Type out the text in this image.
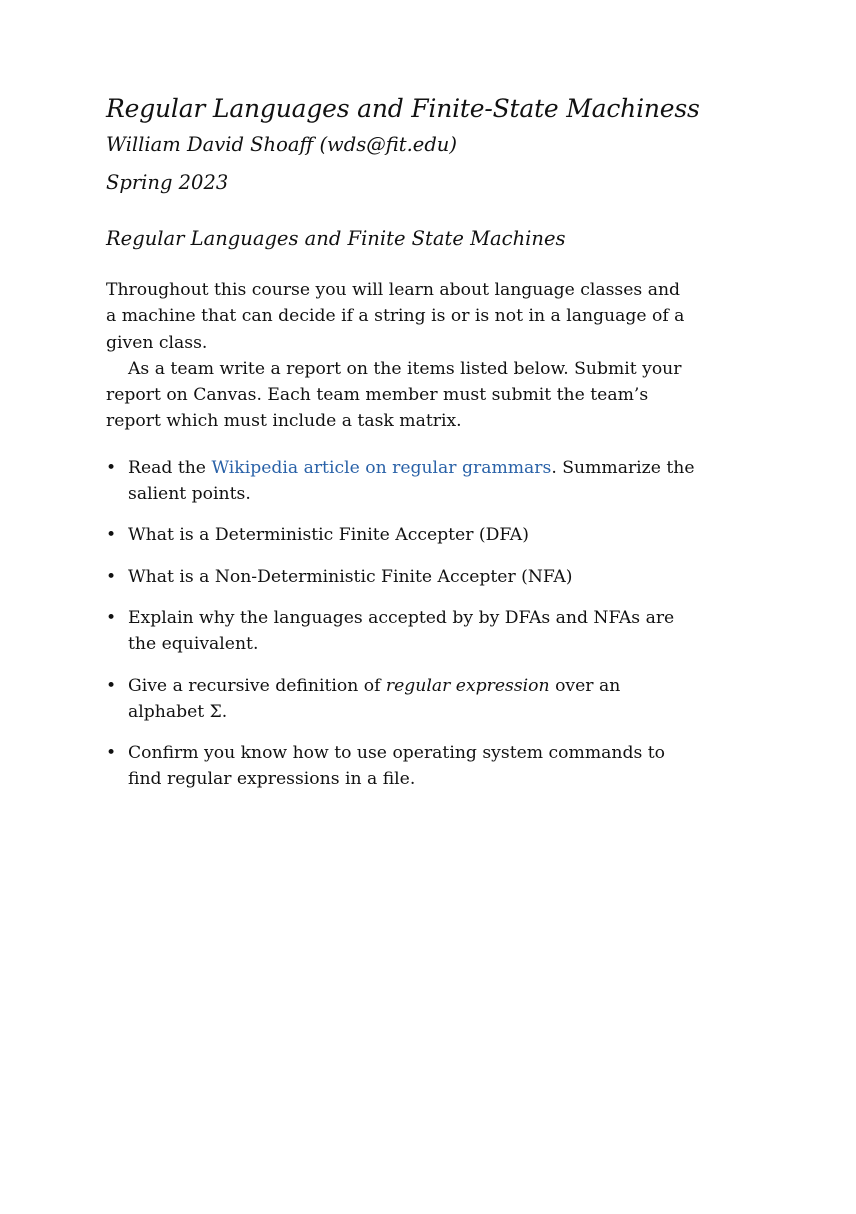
Regular Languages and Finite-State Machiness
William David Shoaff (wds@fit.edu)
Spring 2023
Regular Languages and Finite State Machines

Throughout this course you will learn about language classes and a machine that can decide if a string is or is not in a language of a given class.

As a team write a report on the items listed below. Submit your report on Canvas. Each team member must submit the team’s report which must include a task matrix.

• Read the Wikipedia article on regular grammars. Summarize the salient points.
• What is a Deterministic Finite Accepter (DFA)
• What is a Non-Deterministic Finite Accepter (NFA)
• Explain why the languages accepted by by DFAs and NFAs are the equivalent.
• Give a recursive definition of regular expression over an alphabet Σ.
• Confirm you know how to use operating system commands to find regular expressions in a file.
